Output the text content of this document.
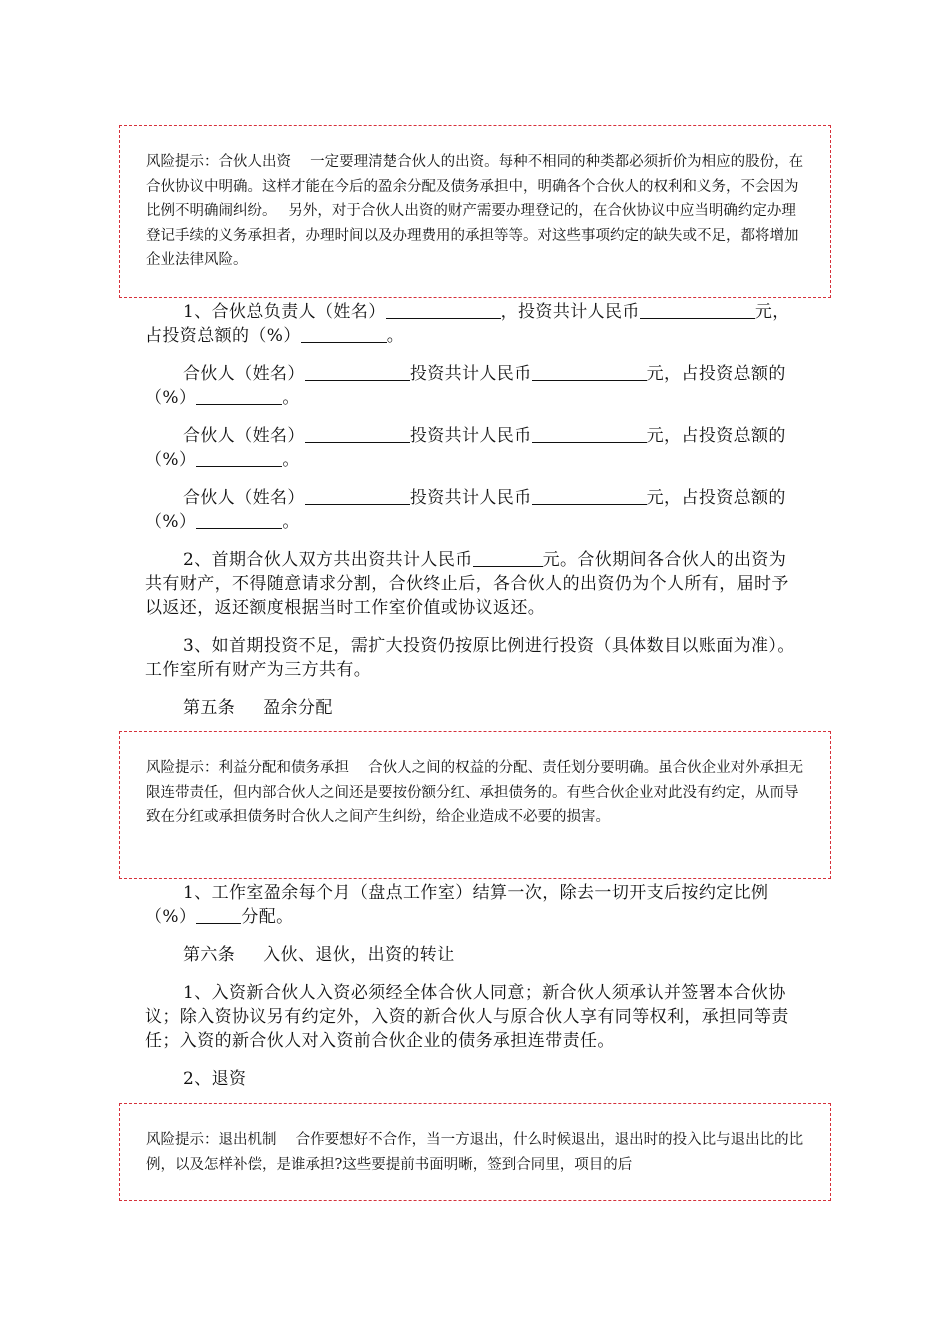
风险提示：合伙人出资　 一定要理清楚合伙人的出资。每种不相同的种类都必须折价为相应的股份，在合伙协议中明确。这样才能在今后的盈余分配及债务承担中，明确各个合伙人的权利和义务，不会因为比例不明确闹纠纷。　 另外，对于合伙人出资的财产需要办理登记的，在合伙协议中应当明确约定办理登记手续的义务承担者，办理时间以及办理费用的承担等等。对这些事项约定的缺失或不足，都将增加企业法律风险。

1、合伙总负责人（姓名）	，投资共计人民币	元，占投资总额的（%）	。

合伙人（姓名）	投资共计人民币	元，占投资总额的（%）	。

合伙人（姓名）	投资共计人民币	元，占投资总额的（%）	。

合伙人（姓名）	投资共计人民币	元，占投资总额的（%）	。

2、首期合伙人双方共出资共计人民币	元。合伙期间各合伙人的出资为共有财产，不得随意请求分割，合伙终止后，各合伙人的出资仍为个人所有，届时予以返还，返还额度根据当时工作室价值或协议返还。

3、如首期投资不足，需扩大投资仍按原比例进行投资（具体数目以账面为准）。工作室所有财产为三方共有。

第五条 盈余分配

风险提示：利益分配和债务承担　 合伙人之间的权益的分配、责任划分要明确。虽合伙企业对外承担无限连带责任，但内部合伙人之间还是要按份额分红、承担债务的。有些合伙企业对此没有约定，从而导致在分红或承担债务时合伙人之间产生纠纷，给企业造成不必要的损害。

1、工作室盈余每个月（盘点工作室）结算一次，除去一切开支后按约定比例（%）	分配。

第六条 入伙、退伙，出资的转让

1、入资新合伙人入资必须经全体合伙人同意；新合伙人须承认并签署本合伙协议；除入资协议另有约定外，入资的新合伙人与原合伙人享有同等权利，承担同等责任；入资的新合伙人对入资前合伙企业的债务承担连带责任。

2、退资

风险提示：退出机制　 合作要想好不合作，当一方退出，什么时候退出，退出时的投入比与退出比的比例，以及怎样补偿，是谁承担?这些要提前书面明晰，签到合同里，项目的后
